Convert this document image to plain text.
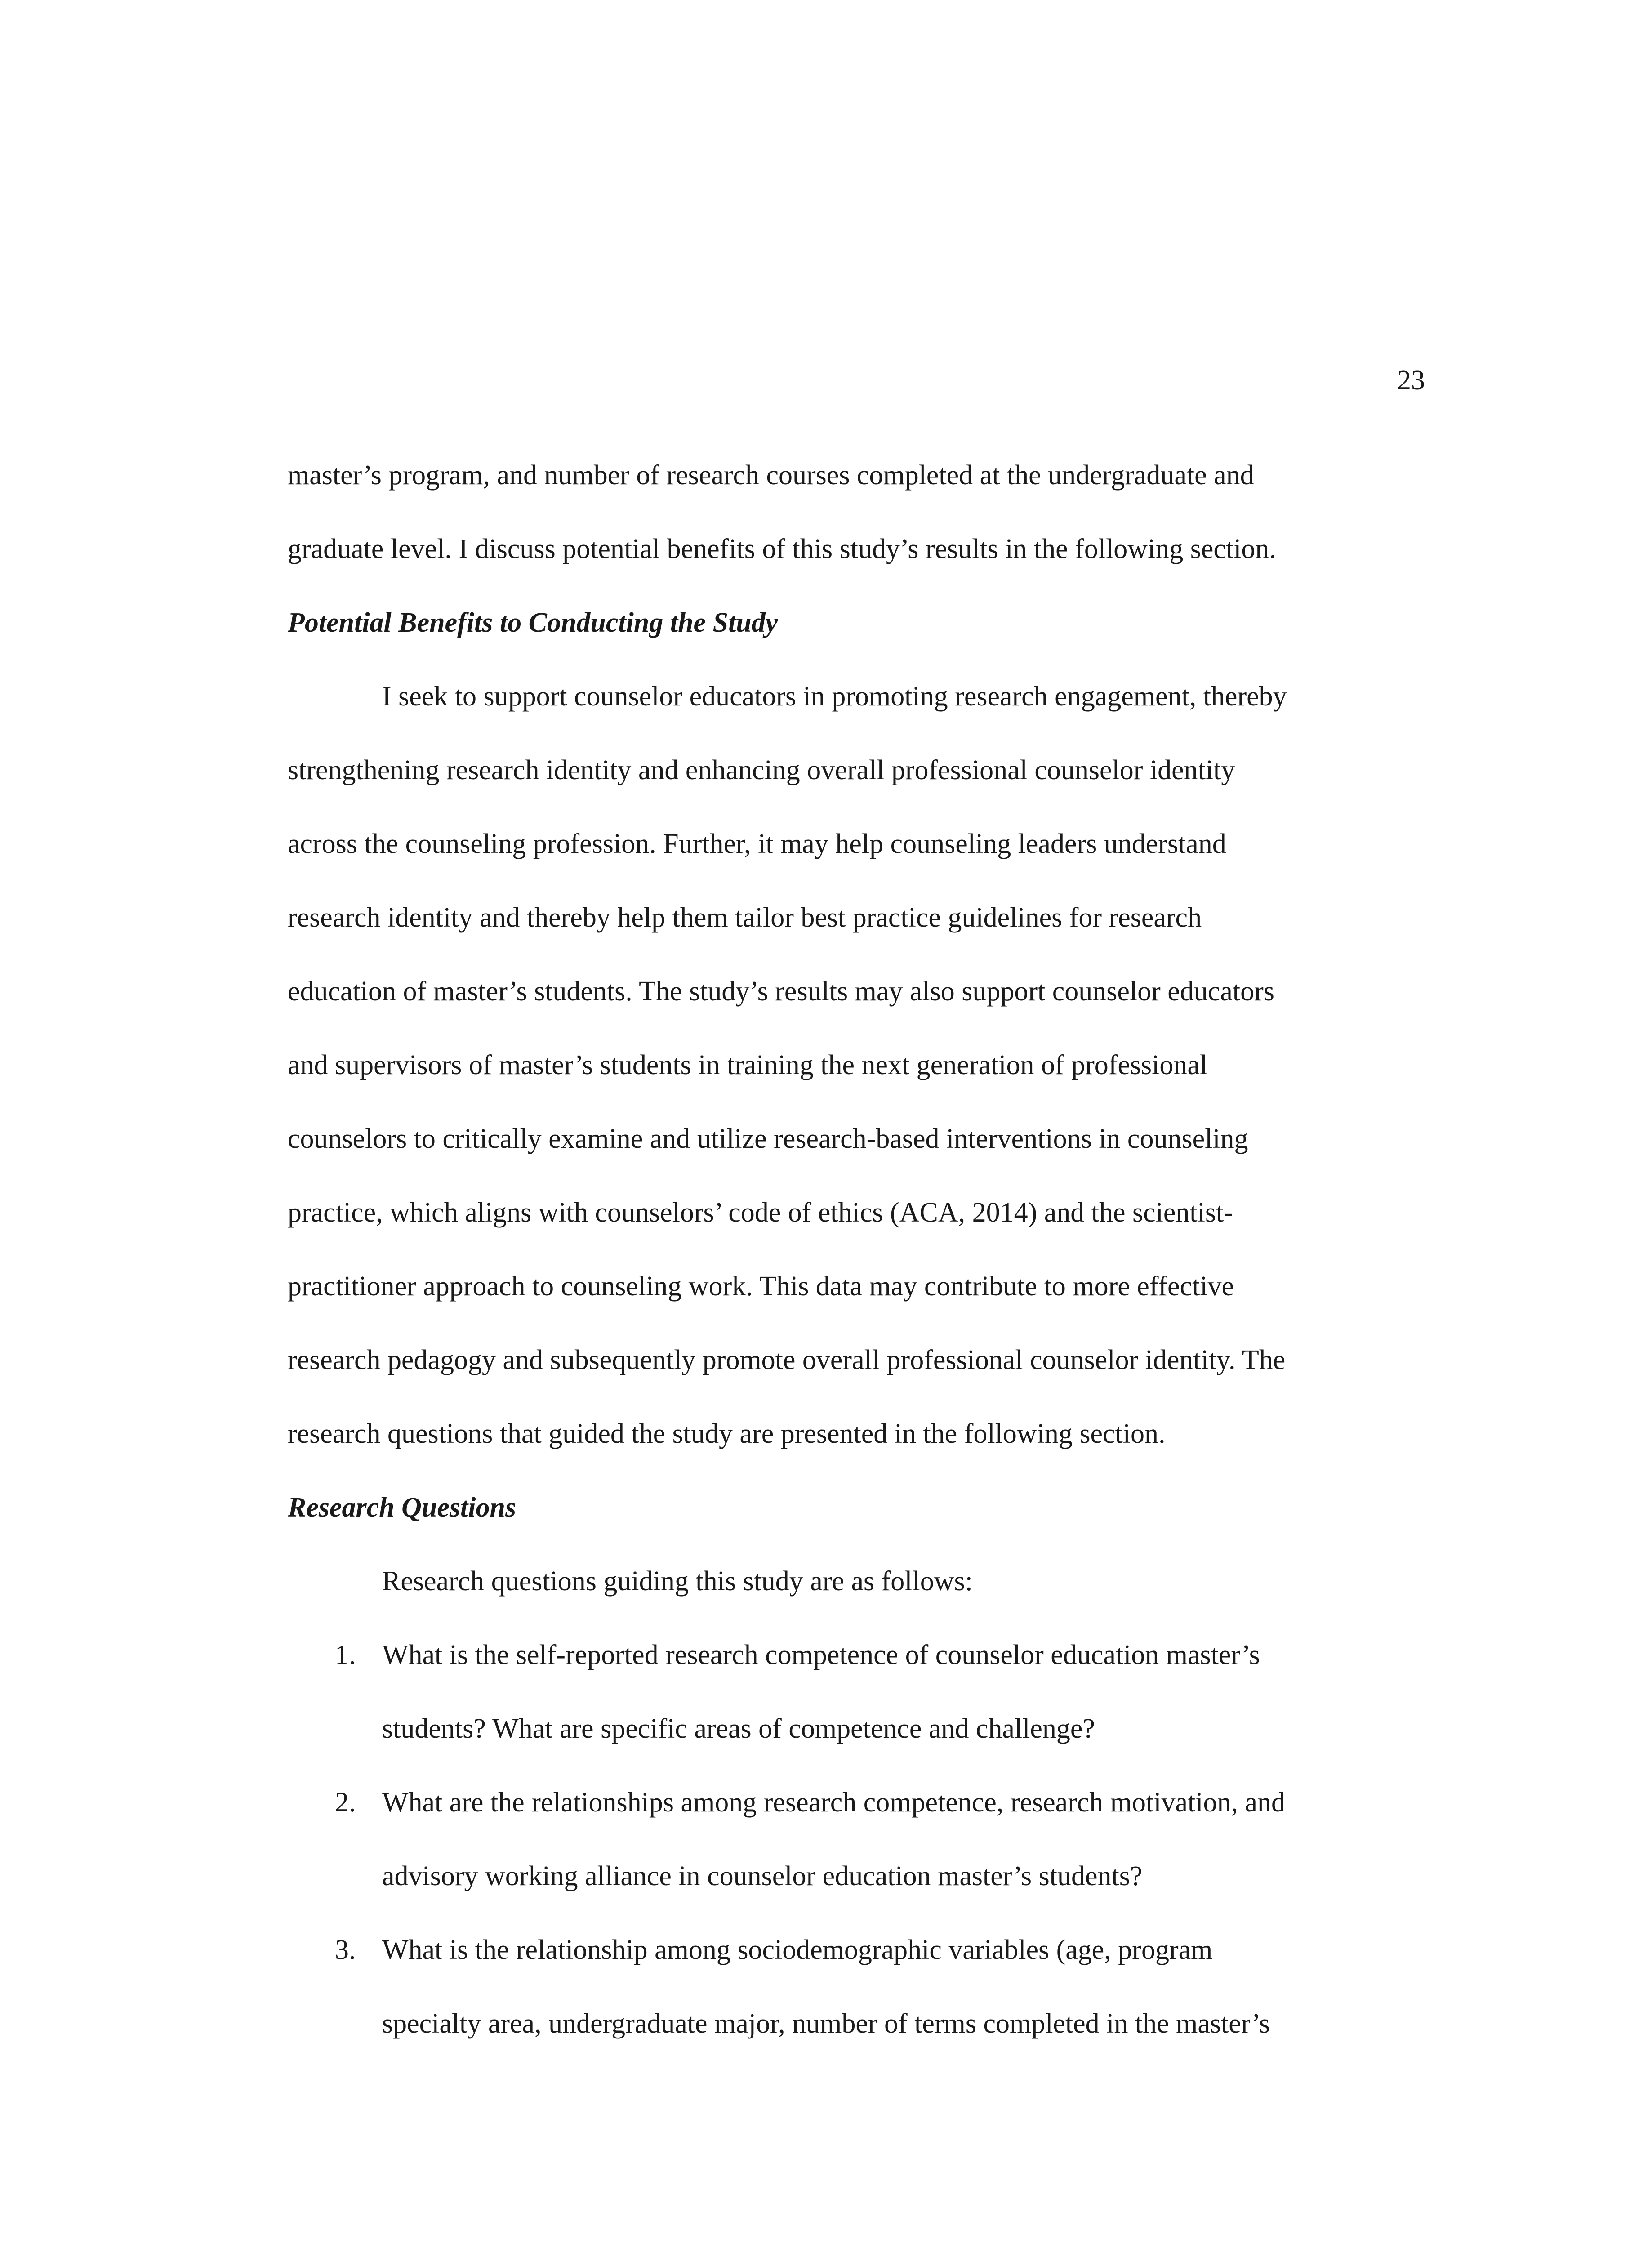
23
master’s program, and number of research courses completed at the undergraduate and
graduate level. I discuss potential benefits of this study’s results in the following section.
Potential Benefits to Conducting the Study
I seek to support counselor educators in promoting research engagement, thereby
strengthening research identity and enhancing overall professional counselor identity
across the counseling profession. Further, it may help counseling leaders understand
research identity and thereby help them tailor best practice guidelines for research
education of master’s students. The study’s results may also support counselor educators
and supervisors of master’s students in training the next generation of professional
counselors to critically examine and utilize research-based interventions in counseling
practice, which aligns with counselors’ code of ethics (ACA, 2014) and the scientist-
practitioner approach to counseling work. This data may contribute to more effective
research pedagogy and subsequently promote overall professional counselor identity. The
research questions that guided the study are presented in the following section.
Research Questions
Research questions guiding this study are as follows:
1. What is the self-reported research competence of counselor education master’s
students? What are specific areas of competence and challenge?
2. What are the relationships among research competence, research motivation, and
advisory working alliance in counselor education master’s students?
3. What is the relationship among sociodemographic variables (age, program
specialty area, undergraduate major, number of terms completed in the master’s
